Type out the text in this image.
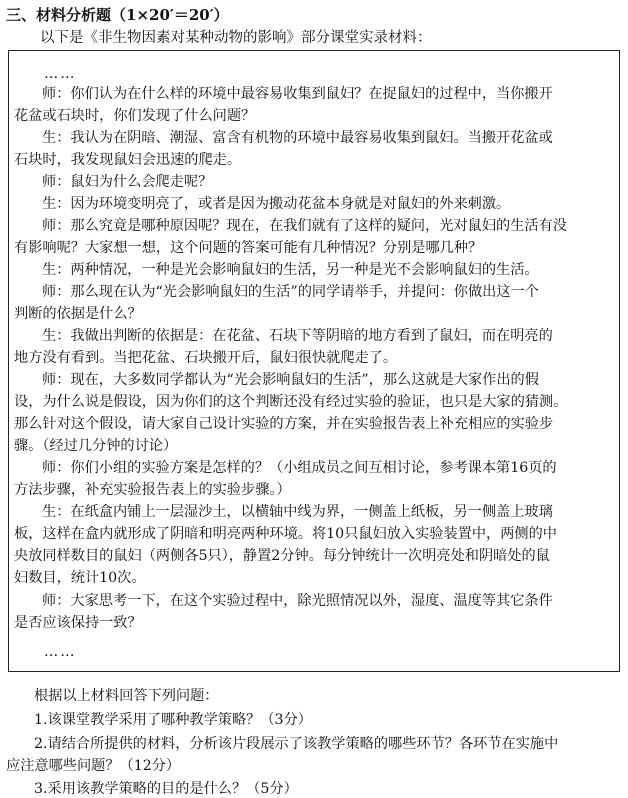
三、材料分析题（1×20′＝20′）
以下是《非生物因素对某种动物的影响》部分课堂实录材料：
……
师：你们认为在什么样的环境中最容易收集到鼠妇？在捉鼠妇的过程中，当你搬开
花盆或石块时，你们发现了什么问题？
生：我认为在阴暗、潮湿、富含有机物的环境中最容易收集到鼠妇。当搬开花盆或
石块时，我发现鼠妇会迅速的爬走。
师：鼠妇为什么会爬走呢？
生：因为环境变明亮了，或者是因为搬动花盆本身就是对鼠妇的外来刺激。
师：那么究竟是哪种原因呢？现在，在我们就有了这样的疑问，光对鼠妇的生活有没
有影响呢？大家想一想，这个问题的答案可能有几种情况？分别是哪几种？
生：两种情况，一种是光会影响鼠妇的生活，另一种是光不会影响鼠妇的生活。
师：那么现在认为“光会影响鼠妇的生活”的同学请举手，并提问：你做出这一个
判断的依据是什么？
生：我做出判断的依据是：在花盆、石块下等阴暗的地方看到了鼠妇，而在明亮的
地方没有看到。当把花盆、石块搬开后，鼠妇很快就爬走了。
师：现在，大多数同学都认为“光会影响鼠妇的生活”，那么这就是大家作出的假
设，为什么说是假设，因为你们的这个判断还没有经过实验的验证，也只是大家的猜测。
那么针对这个假设，请大家自己设计实验的方案，并在实验报告表上补充相应的实验步
骤。（经过几分钟的讨论）
师：你们小组的实验方案是怎样的？（小组成员之间互相讨论，参考课本第16页的
方法步骤，补充实验报告表上的实验步骤。）
生：在纸盒内铺上一层湿沙土，以横轴中线为界，一侧盖上纸板，另一侧盖上玻璃
板，这样在盒内就形成了阴暗和明亮两种环境。将10只鼠妇放入实验装置中，两侧的中
央放同样数目的鼠妇（两侧各5只），静置2分钟。每分钟统计一次明亮处和阴暗处的鼠
妇数目，统计10次。
师：大家思考一下，在这个实验过程中，除光照情况以外，湿度、温度等其它条件
是否应该保持一致？
……
根据以上材料回答下列问题：
1.该课堂教学采用了哪种教学策略？（3分）
2.请结合所提供的材料，分析该片段展示了该教学策略的哪些环节？各环节在实施中
应注意哪些问题？（12分）
3.采用该教学策略的目的是什么？（5分）
